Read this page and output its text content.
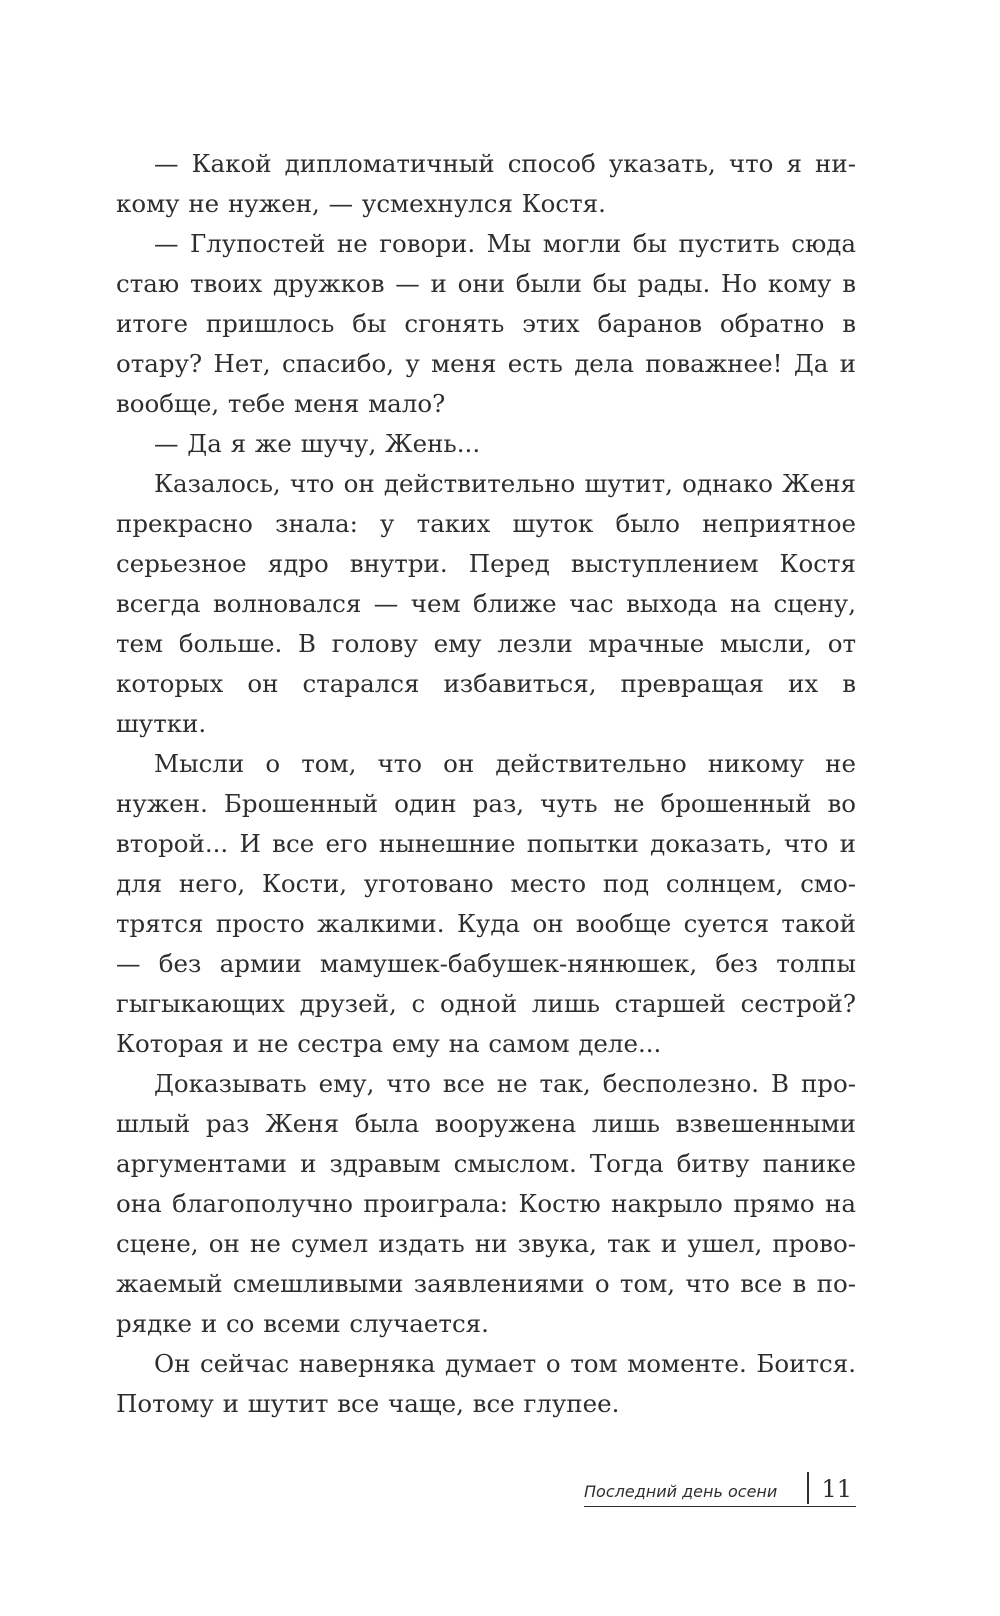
— Какой дипломатичный способ указать, что я никому не нужен, — усмехнулся Костя.

— Глупостей не говори. Мы могли бы пустить сюда стаю твоих дружков — и они были бы рады. Но кому в итоге пришлось бы сгонять этих баранов обратно в отару? Нет, спасибо, у меня есть дела поважнее! Да и вообще, тебе меня мало?

— Да я же шучу, Жень...

Казалось, что он действительно шутит, однако Женя прекрасно знала: у таких шуток было неприятное серьезное ядро внутри. Перед выступлением Костя всегда волновался — чем ближе час выхода на сцену, тем больше. В голову ему лезли мрачные мысли, от которых он старался избавиться, превращая их в шутки.

Мысли о том, что он действительно никому не нужен. Брошенный один раз, чуть не брошенный во второй... И все его нынешние попытки доказать, что и для него, Кости, уготовано место под солнцем, смотрятся просто жалкими. Куда он вообще суется такой — без армии мамушек-бабушек-нянюшек, без толпы гыгыкающих друзей, с одной лишь старшей сестрой? Которая и не сестра ему на самом деле...

Доказывать ему, что все не так, бесполезно. В прошлый раз Женя была вооружена лишь взвешенными аргументами и здравым смыслом. Тогда битву панике она благополучно проиграла: Костю накрыло прямо на сцене, он не сумел издать ни звука, так и ушел, провожаемый смешливыми заявлениями о том, что все в порядке и со всеми случается.

Он сейчас наверняка думает о том моменте. Боится. Потому и шутит все чаще, все глупее.

Последний день осени	11
